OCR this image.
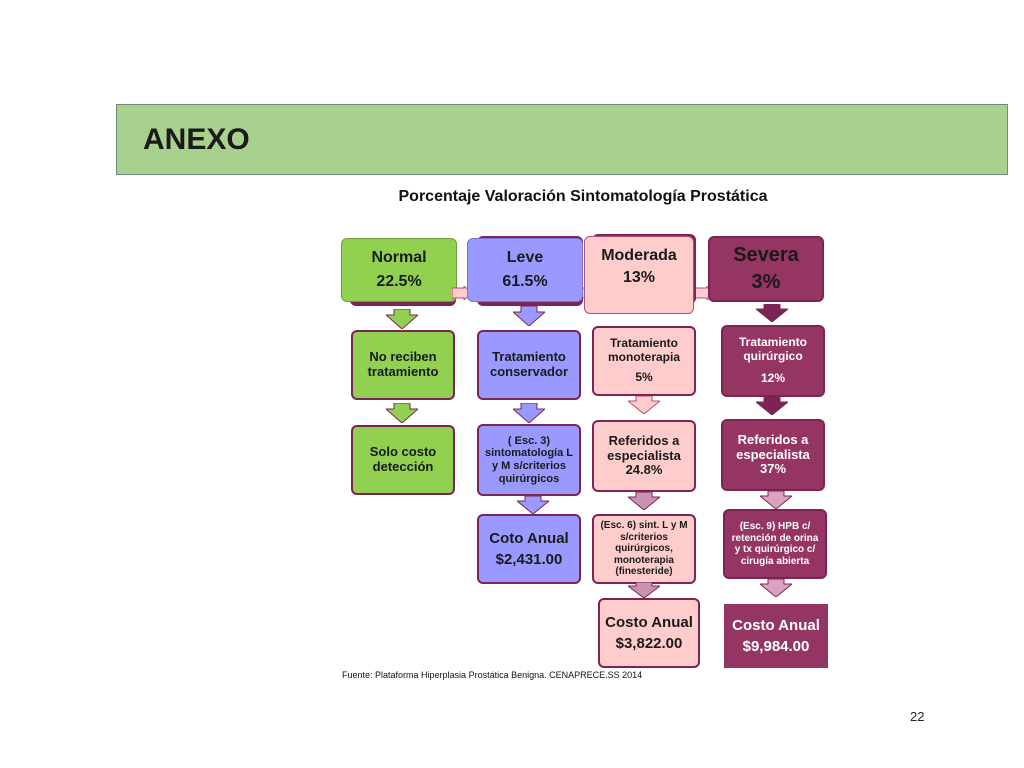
ANEXO
Porcentaje Valoración Sintomatología Prostática
Normal
22.5%
No reciben tratamiento
Solo costo detección
Leve
61.5%
Tratamiento conservador
( Esc. 3) sintomatología L y M s/criterios quirúrgicos
Coto Anual
$2,431.00
Moderada
13%
Tratamiento monoterapia
5%
Referidos a especialista 24.8%
(Esc. 6) sint. L y M s/criterios quirúrgicos, monoterapia (finesteride)
Costo Anual
$3,822.00
Severa
3%
Tratamiento quirúrgico
12%
Referidos a especialista 37%
(Esc. 9) HPB c/ retención de orina y tx quirúrgico c/ cirugía abierta
Costo Anual
$9,984.00
Fuente: Plataforma Hiperplasia Prostática Benigna. CENAPRECE.SS 2014
22
